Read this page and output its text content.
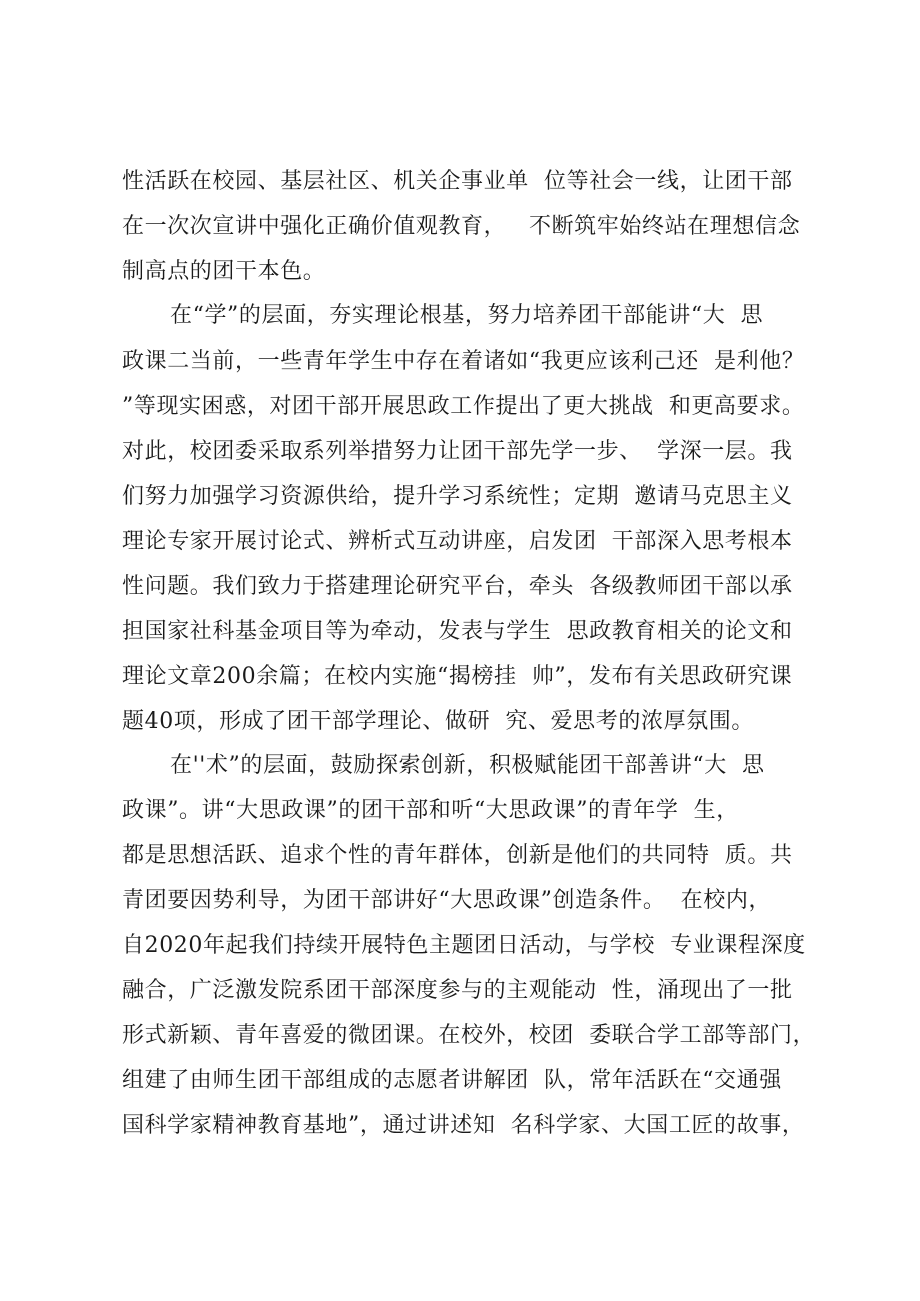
性活跃在校园、基层社区、机关企事业单  位等社会一线，让团干部
在一次次宣讲中强化正确价值观教育，   不断筑牢始终站在理想信念
制高点的团干本色。
在“学”的层面，夯实理论根基，努力培养团干部能讲“大  思
政课二当前，一些青年学生中存在着诸如“我更应该利己还  是利他？
”等现实困惑，对团干部开展思政工作提出了更大挑战  和更高要求。
对此，校团委采取系列举措努力让团干部先学一步、  学深一层。我
们努力加强学习资源供给，提升学习系统性；定期  邀请马克思主义
理论专家开展讨论式、辨析式互动讲座，启发团  干部深入思考根本
性问题。我们致力于搭建理论研究平台，牵头  各级教师团干部以承
担国家社科基金项目等为牵动，发表与学生  思政教育相关的论文和
理论文章200余篇；在校内实施“揭榜挂  帅”，发布有关思政研究课
题40项，形成了团干部学理论、做研  究、爱思考的浓厚氛围。
在''术”的层面，鼓励探索创新，积极赋能团干部善讲“大  思
政课”。讲“大思政课”的团干部和听“大思政课”的青年学  生，
都是思想活跃、追求个性的青年群体，创新是他们的共同特  质。共
青团要因势利导，为团干部讲好“大思政课”创造条件。  在校内，
自2020年起我们持续开展特色主题团日活动，与学校  专业课程深度
融合，广泛激发院系团干部深度参与的主观能动  性，涌现出了一批
形式新颖、青年喜爱的微团课。在校外，校团  委联合学工部等部门，
组建了由师生团干部组成的志愿者讲解团  队，常年活跃在“交通强
国科学家精神教育基地”，通过讲述知  名科学家、大国工匠的故事，
